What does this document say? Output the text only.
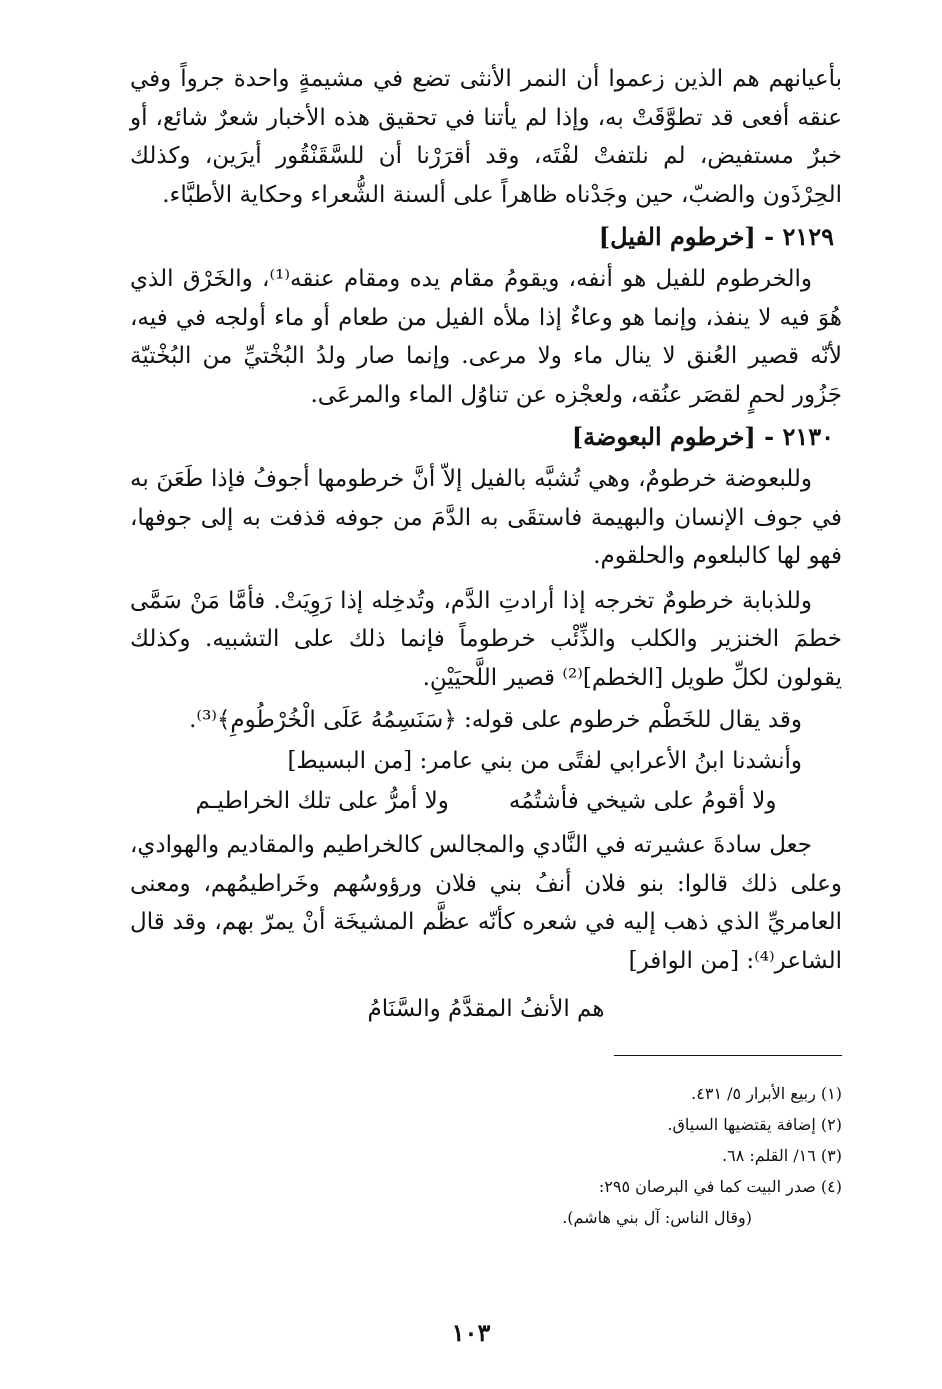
بأعيانهم هم الذين زعموا أن النمر الأنثى تضع في مشيمةٍ واحدة جرواً وفي عنقه أفعى قد تطوَّقَتْ به، وإذا لم يأتنا في تحقيق هذه الأخبار شعرٌ شائع، أو خبرٌ مستفيض، لم نلتفتْ لفْتَه، وقد أقرَرْنا أن للسَّقَنْقُور أيرَين، وكذلك الحِرْذَون والضبّ، حين وجَدْناه ظاهراً على ألسنة الشُّعراء وحكاية الأطبَّاء.

٢١٢٩ - [خرطوم الفيل]

والخرطوم للفيل هو أنفه، ويقومُ مقام يده ومقام عنقه⁽¹⁾، والخَرْق الذي هُوَ فيه لا ينفذ، وإنما هو وعاءٌ إذا ملأه الفيل من طعام أو ماء أولجه في فيه، لأنّه قصير العُنق لا ينال ماء ولا مرعى. وإنما صار ولدُ البُخْتيِّ من البُخْتيّة جَزُور لحمٍ لقصَر عنُقه، ولعجْزه عن تناوُل الماء والمرعَى.

٢١٣٠ - [خرطوم البعوضة]

وللبعوضة خرطومٌ، وهي تُشبَّه بالفيل إلاّ أنَّ خرطومها أجوفُ فإذا طَعَنَ به في جوف الإنسان والبهيمة فاستقَى به الدَّمَ من جوفه قذفت به إلى جوفها، فهو لها كالبلعوم والحلقوم.

وللذبابة خرطومٌ تخرجه إذا أرادتِ الدَّم، وتُدخِله إذا رَوِيَتْ. فأمَّا مَنْ سَمَّى خطمَ الخنزير والكلب والذِّئْب خرطوماً فإنما ذلك على التشبيه. وكذلك يقولون لكلِّ طويل [الخطم]⁽²⁾ قصير اللَّحيَيْنِ.

وقد يقال للخَطْم خرطوم على قوله: ﴿سَنَسِمُهُ عَلَى الْخُرْطُومِ﴾⁽³⁾.

وأنشدنا ابنُ الأعرابي لفتًى من بني عامر: [من البسيط]

ولا أقومُ على شيخي فأشتُمُه
ولا أمرُّ على تلك الخراطيـم

جعل سادةَ عشيرته في النَّادي والمجالس كالخراطيم والمقاديم والهوادي، وعلى ذلك قالوا: بنو فلان أنفُ بني فلان ورؤوسُهم وخَراطيمُهم، ومعنى العامريِّ الذي ذهب إليه في شعره كأنّه عظَّم المشيخَة أنْ يمرّ بهم، وقد قال الشاعر⁽⁴⁾: [من الوافر]

هم الأنفُ المقدَّمُ والسَّنَامُ

(١) ربيع الأبرار ٥/ ٤٣١.

(٢) إضافة يقتضيها السياق.

(٣) ١٦/ القلم: ٦٨.

(٤) صدر البيت كما في البرصان ٢٩٥:

(وقال الناس: آل بني هاشم).

١٠٣
